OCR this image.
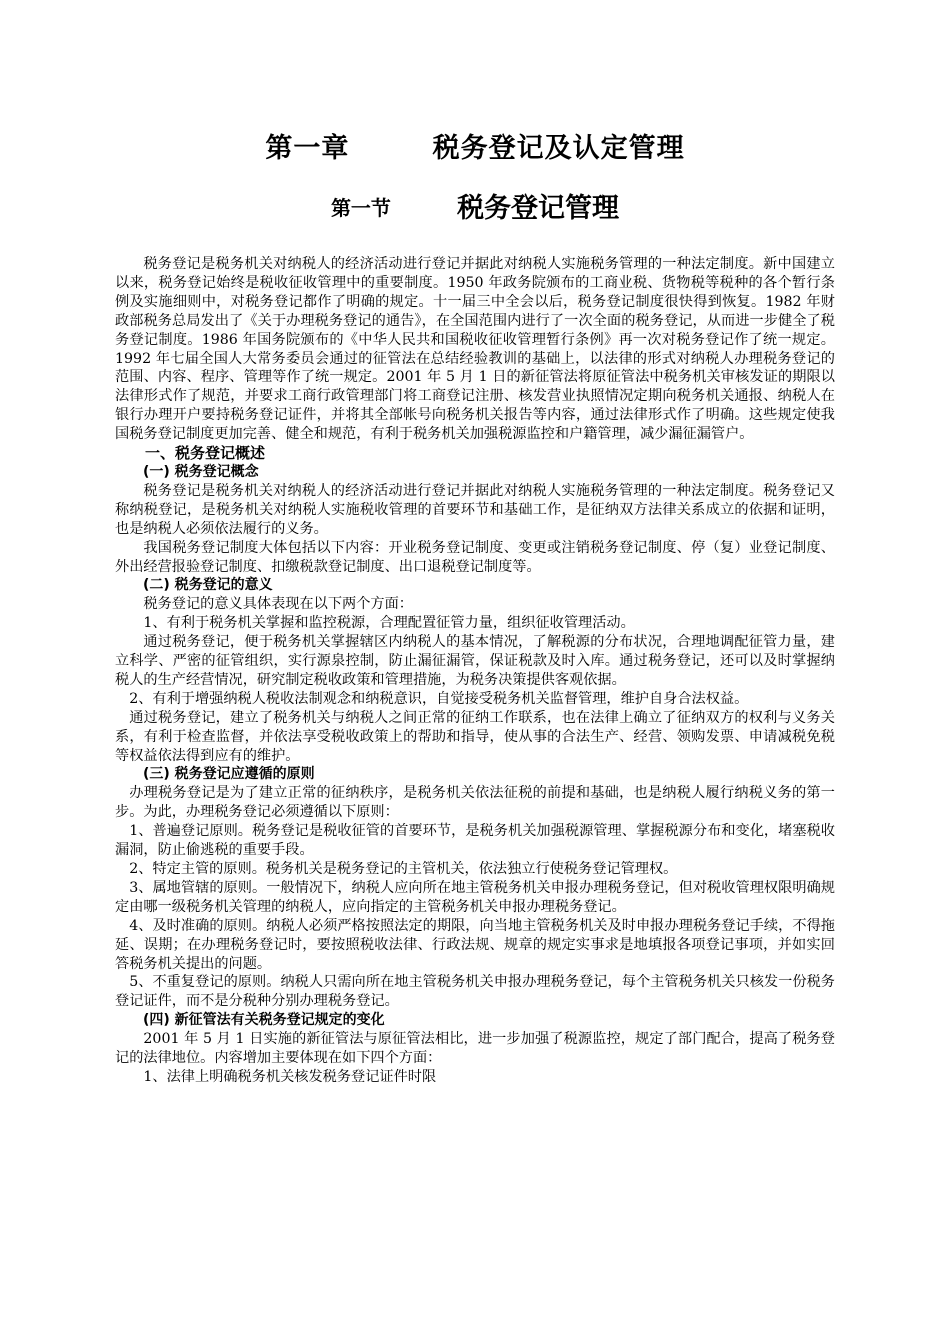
第一章        税务登记及认定管理
第一节 税务登记管理

税务登记是税务机关对纳税人的经济活动进行登记并据此对纳税人实施税务管理的一种法定制度。新中国建立以来，税务登记始终是税收征收管理中的重要制度。1950 年政务院颁布的工商业税、货物税等税种的各个暂行条例及实施细则中，对税务登记都作了明确的规定。十一届三中全会以后，税务登记制度很快得到恢复。1982 年财政部税务总局发出了《关于办理税务登记的通告》，在全国范围内进行了一次全面的税务登记，从而进一步健全了税务登记制度。1986 年国务院颁布的《中华人民共和国税收征收管理暂行条例》再一次对税务登记作了统一规定。1992 年七届全国人大常务委员会通过的征管法在总结经验教训的基础上，以法律的形式对纳税人办理税务登记的范围、内容、程序、管理等作了统一规定。2001 年 5 月 1 日的新征管法将原征管法中税务机关审核发证的期限以法律形式作了规范，并要求工商行政管理部门将工商登记注册、核发营业执照情况定期向税务机关通报、纳税人在银行办理开户要持税务登记证件，并将其全部帐号向税务机关报告等内容，通过法律形式作了明确。这些规定使我国税务登记制度更加完善、健全和规范，有利于税务机关加强税源监控和户籍管理，减少漏征漏管户。

一、税务登记概述

(一) 税务登记概念

税务登记是税务机关对纳税人的经济活动进行登记并据此对纳税人实施税务管理的一种法定制度。税务登记又称纳税登记，是税务机关对纳税人实施税收管理的首要环节和基础工作，是征纳双方法律关系成立的依据和证明，也是纳税人必须依法履行的义务。

我国税务登记制度大体包括以下内容：开业税务登记制度、变更或注销税务登记制度、停（复）业登记制度、外出经营报验登记制度、扣缴税款登记制度、出口退税登记制度等。

(二) 税务登记的意义

税务登记的意义具体表现在以下两个方面：

1、有利于税务机关掌握和监控税源，合理配置征管力量，组织征收管理活动。

通过税务登记，便于税务机关掌握辖区内纳税人的基本情况，了解税源的分布状况，合理地调配征管力量，建立科学、严密的征管组织，实行源泉控制，防止漏征漏管，保证税款及时入库。通过税务登记，还可以及时掌握纳税人的生产经营情况，研究制定税收政策和管理措施，为税务决策提供客观依据。

2、有利于增强纳税人税收法制观念和纳税意识，自觉接受税务机关监督管理，维护自身合法权益。

通过税务登记，建立了税务机关与纳税人之间正常的征纳工作联系，也在法律上确立了征纳双方的权利与义务关系，有利于检查监督，并依法享受税收政策上的帮助和指导，使从事的合法生产、经营、领购发票、申请减税免税等权益依法得到应有的维护。

(三) 税务登记应遵循的原则

办理税务登记是为了建立正常的征纳秩序，是税务机关依法征税的前提和基础，也是纳税人履行纳税义务的第一步。为此，办理税务登记必须遵循以下原则：

1、普遍登记原则。税务登记是税收征管的首要环节，是税务机关加强税源管理、掌握税源分布和变化，堵塞税收漏洞，防止偷逃税的重要手段。

2、特定主管的原则。税务机关是税务登记的主管机关，依法独立行使税务登记管理权。

3、属地管辖的原则。一般情况下，纳税人应向所在地主管税务机关申报办理税务登记，但对税收管理权限明确规定由哪一级税务机关管理的纳税人，应向指定的主管税务机关申报办理税务登记。

4、及时准确的原则。纳税人必须严格按照法定的期限，向当地主管税务机关及时申报办理税务登记手续，不得拖延、误期；在办理税务登记时，要按照税收法律、行政法规、规章的规定实事求是地填报各项登记事项，并如实回答税务机关提出的问题。

5、不重复登记的原则。纳税人只需向所在地主管税务机关申报办理税务登记，每个主管税务机关只核发一份税务登记证件，而不是分税种分别办理税务登记。

(四) 新征管法有关税务登记规定的变化

2001 年 5 月 1 日实施的新征管法与原征管法相比，进一步加强了税源监控，规定了部门配合，提高了税务登记的法律地位。内容增加主要体现在如下四个方面：

1、法律上明确税务机关核发税务登记证件时限
